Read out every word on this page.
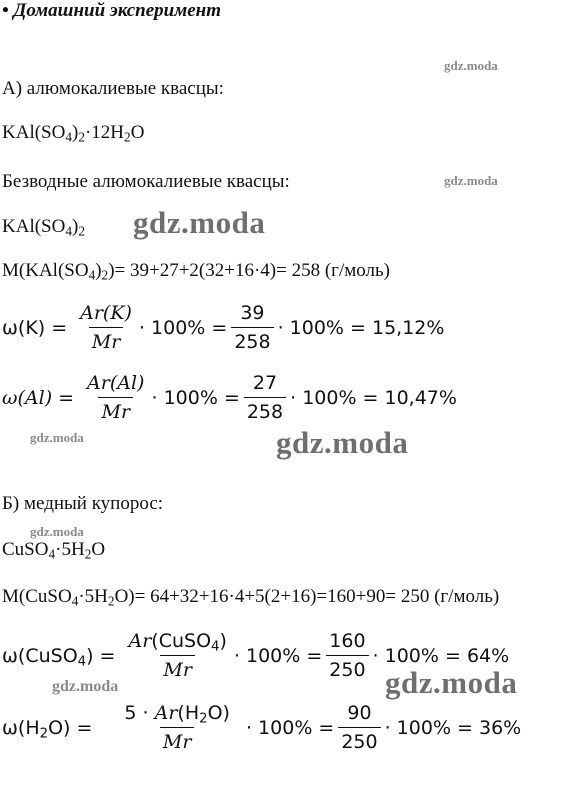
• Домашний эксперимент
gdz.moda
gdz.moda
gdz.moda
gdz.moda	gdz.moda
gdz.moda
gdz.moda	gdz.moda
А) алюмокалиевые квасцы:
$KAl(SO_4)_2\cdot 12H_2O$
Безводные алюмокалиевые квасцы:
$KAl(SO_4)_2$
$M(KAl(SO_4)_2)= 39+27+2(32+16\cdot 4)= 258$ (г/моль)
$\omega(K) = \frac{Ar(K)}{Mr} \cdot 100\% = \frac{39}{258} \cdot 100\% = 15,12\%$
$\omega(Al) = \frac{Ar(Al)}{Mr} \cdot 100\% = \frac{27}{258} \cdot 100\% = 10,47\%$
Б) медный купорос:
$CuSO_4\cdot 5H_2O$
$M(CuSO_4\cdot 5H_2O)= 64+32+16\cdot 4+5(2+16)=160+90= 250$ (г/моль)
ω(CuSO$_4$) = $\frac{Ar(CuSO_4)}{Mr} \cdot 100\% = \frac{160}{250} \cdot 100\% = 64\%$
$\omega(H_2O) = \frac{5 \cdot Ar(H_2O)}{Mr} \cdot 100\% = \frac{90}{250} \cdot 100\% = 36\%$
